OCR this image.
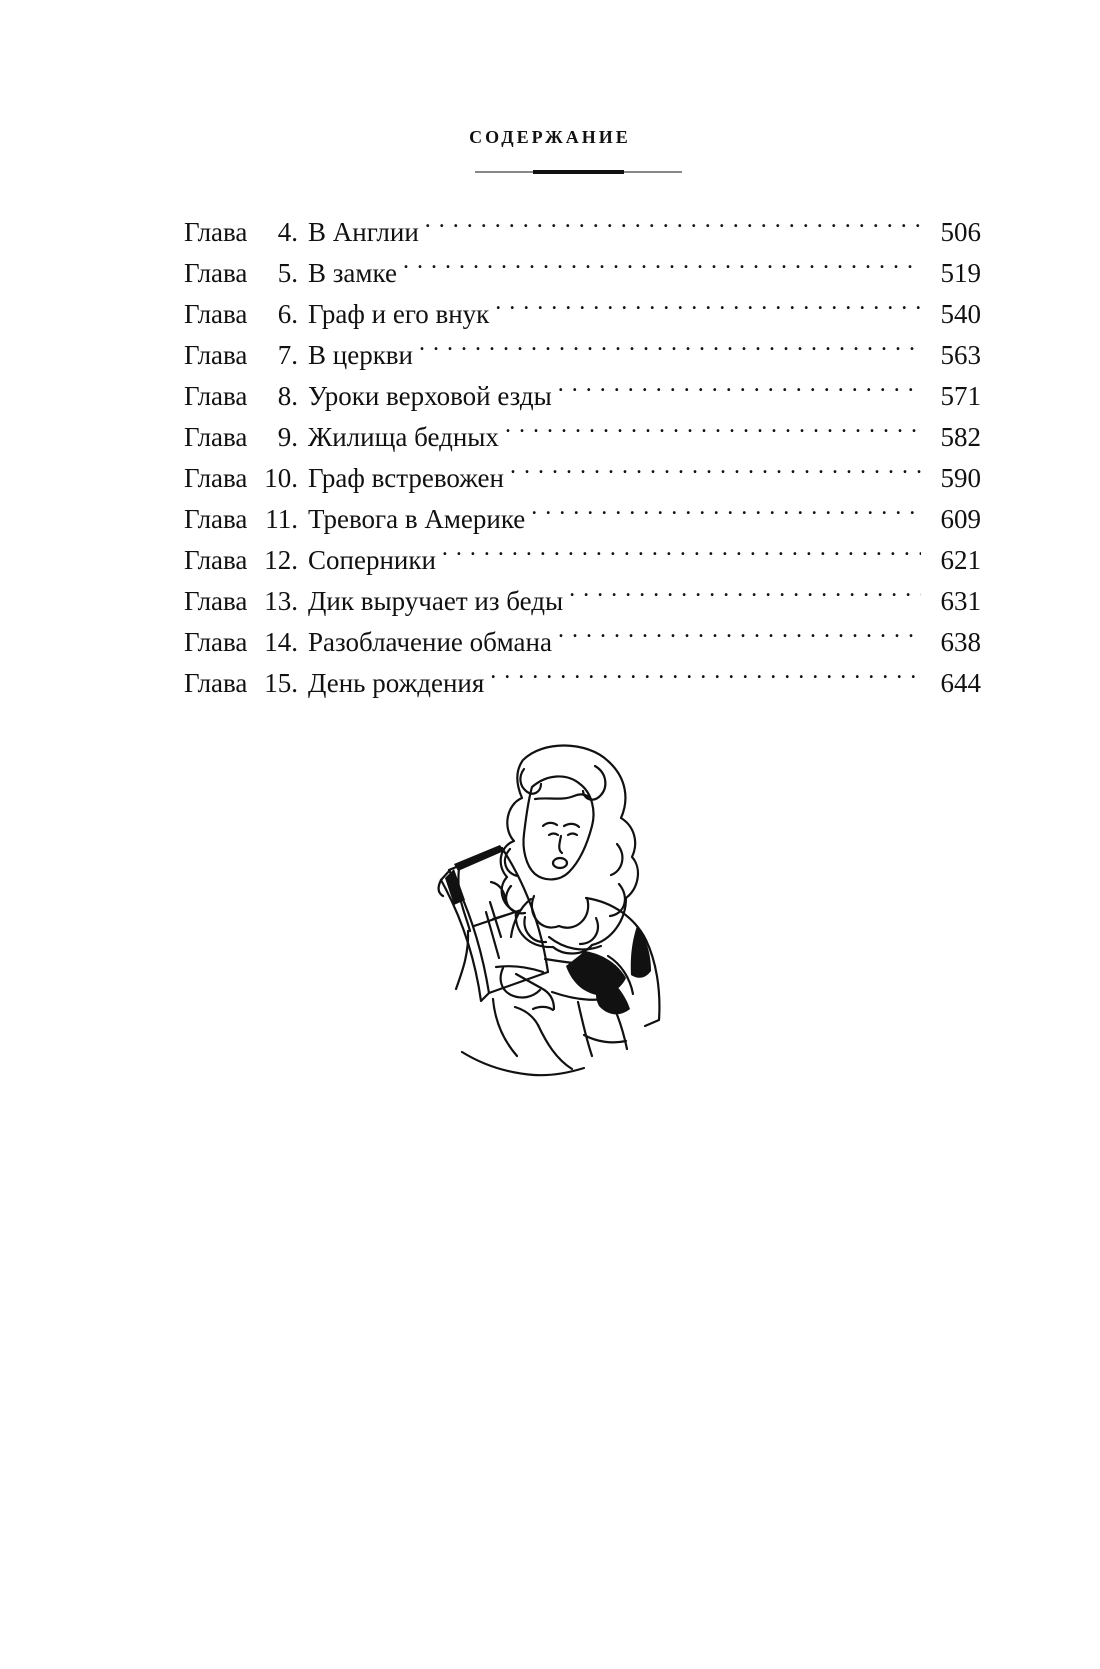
СОДЕРЖАНИЕ
Глава	4. В Англии . . .	506
Глава	5. В замке . . .	519
Глава	6. Граф и его внук . . .	540
Глава	7. В церкви . . .	563
Глава	8. Уроки верховой езды . . .	571
Глава	9. Жилища бедных . . .	582
Глава 10. Граф встревожен . . .	590
Глава 11. Тревога в Америке . . .	609
Глава 12. Соперники . . .	621
Глава 13. Дик выручает из беды . . .	631
Глава 14. Разоблачение обмана . . .	638
Глава 15. День рождения . . .	644
